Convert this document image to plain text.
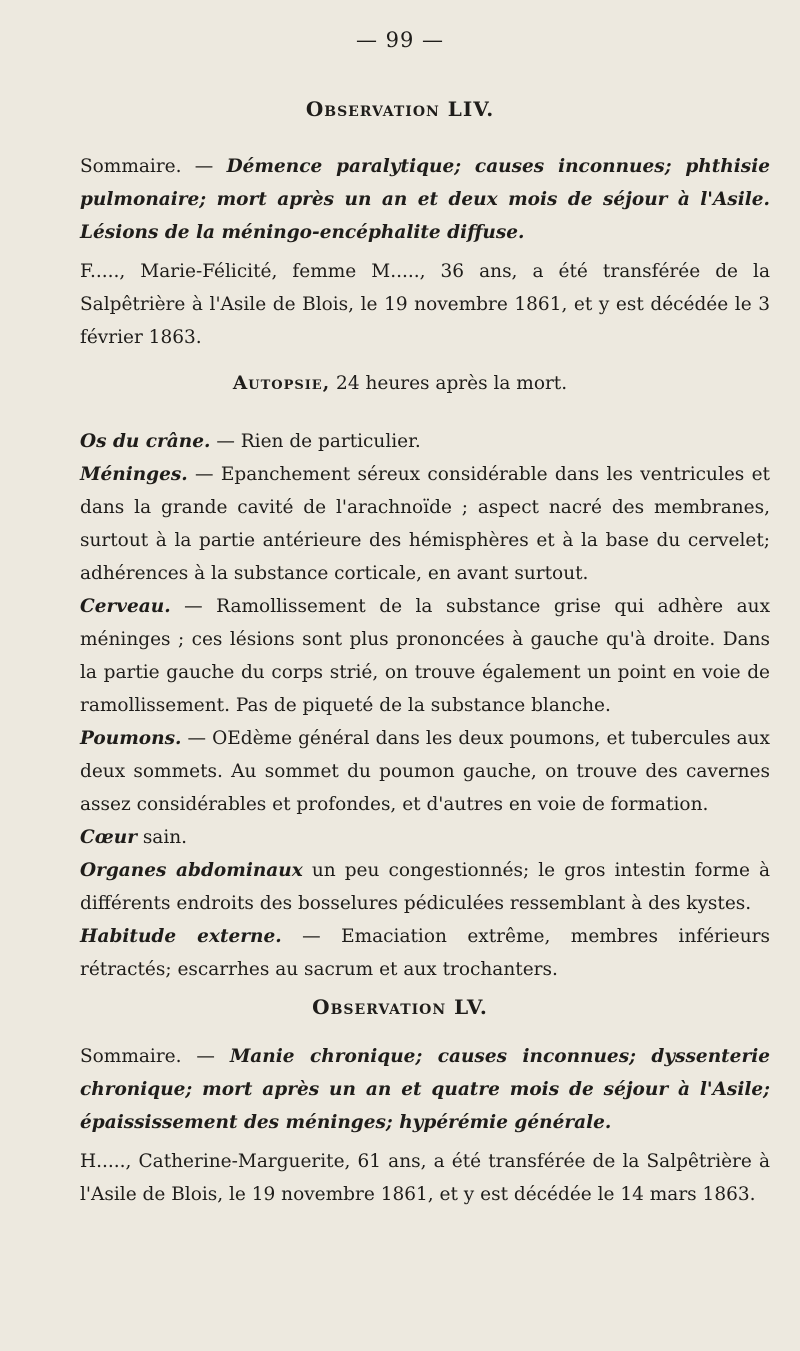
— 99 —
Observation LIV.

Sommaire. — Démence paralytique; causes inconnues; phthisie pulmonaire; mort après un an et deux mois de séjour à l'Asile. Lésions de la méningo-encéphalite diffuse.

F....., Marie-Félicité, femme M....., 36 ans, a été transférée de la Salpêtrière à l'Asile de Blois, le 19 novembre 1861, et y est décédée le 3 février 1863.

Autopsie, 24 heures après la mort.

Os du crâne. — Rien de particulier.

Méninges. — Epanchement séreux considérable dans les ventricules et dans la grande cavité de l'arachnoïde ; aspect nacré des membranes, surtout à la partie antérieure des hémisphères et à la base du cervelet; adhérences à la substance corticale, en avant surtout.

Cerveau. — Ramollissement de la substance grise qui adhère aux méninges ; ces lésions sont plus prononcées à gauche qu'à droite. Dans la partie gauche du corps strié, on trouve également un point en voie de ramollissement. Pas de piqueté de la substance blanche.

Poumons. — OEdème général dans les deux poumons, et tubercules aux deux sommets. Au sommet du poumon gauche, on trouve des cavernes assez considérables et profondes, et d'autres en voie de formation.

Cœur sain.

Organes abdominaux un peu congestionnés; le gros intestin forme à différents endroits des bosselures pédiculées ressemblant à des kystes.

Habitude externe. — Emaciation extrême, membres inférieurs rétractés; escarrhes au sacrum et aux trochanters.

Observation LV.

Sommaire. — Manie chronique; causes inconnues; dyssenterie chronique; mort après un an et quatre mois de séjour à l'Asile; épaississement des méninges; hypérémie générale.

H....., Catherine-Marguerite, 61 ans, a été transférée de la Salpêtrière à l'Asile de Blois, le 19 novembre 1861, et y est décédée le 14 mars 1863.
